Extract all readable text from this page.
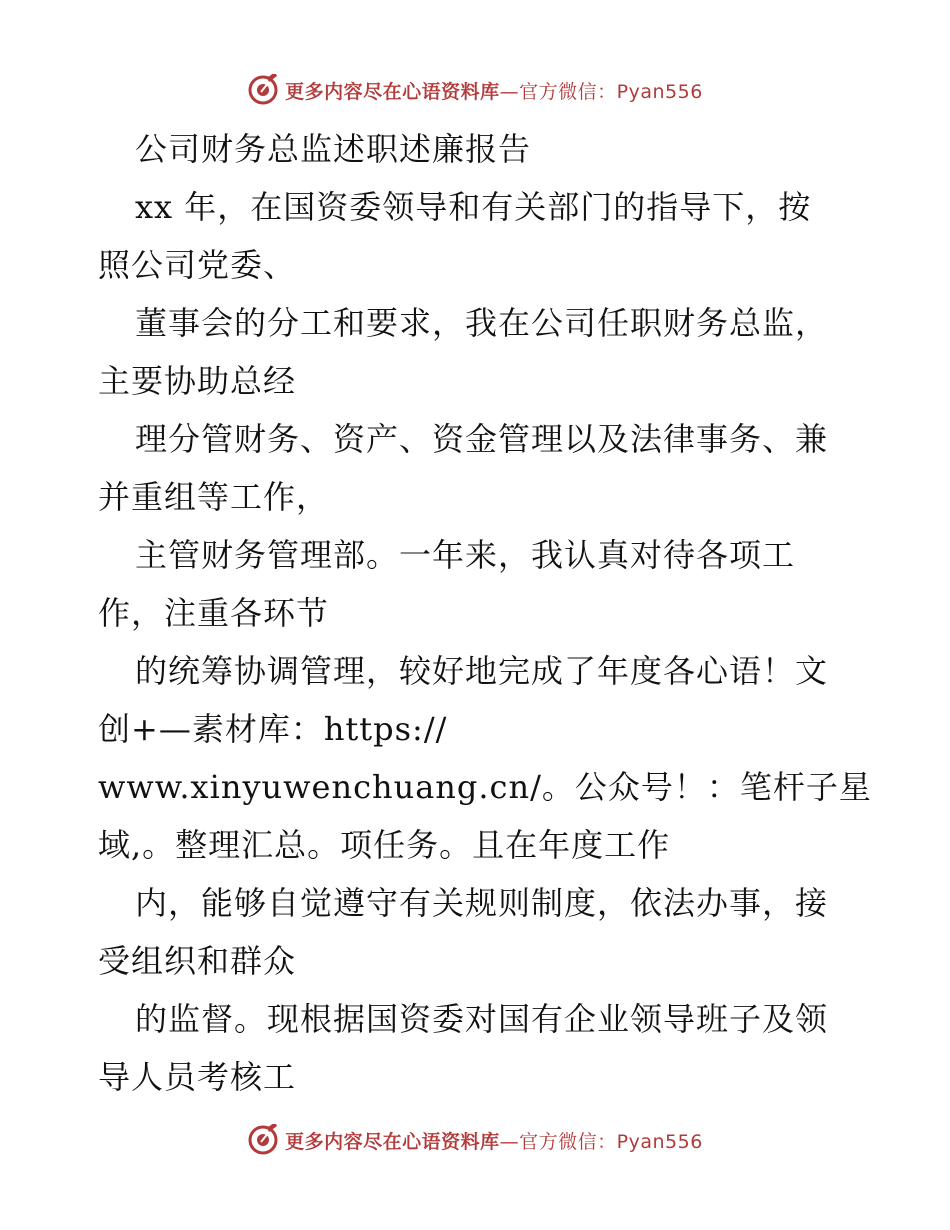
更多内容尽在心语资料库—官方微信：Pyan556
公司财务总监述职述廉报告
xx 年，在国资委领导和有关部门的指导下，按
照公司党委、
董事会的分工和要求，我在公司任职财务总监，
主要协助总经
理分管财务、资产、资金管理以及法律事务、兼
并重组等工作，
主管财务管理部。一年来，我认真对待各项工
作，注重各环节
的统筹协调管理，较好地完成了年度各心语！文
创+—素材库：https://
www.xinyuwenchuang.cn/。公众号！：笔杆子星
域,。整理汇总。项任务。且在年度工作
内，能够自觉遵守有关规则制度，依法办事，接
受组织和群众
的监督。现根据国资委对国有企业领导班子及领
导人员考核工
更多内容尽在心语资料库—官方微信：Pyan556
